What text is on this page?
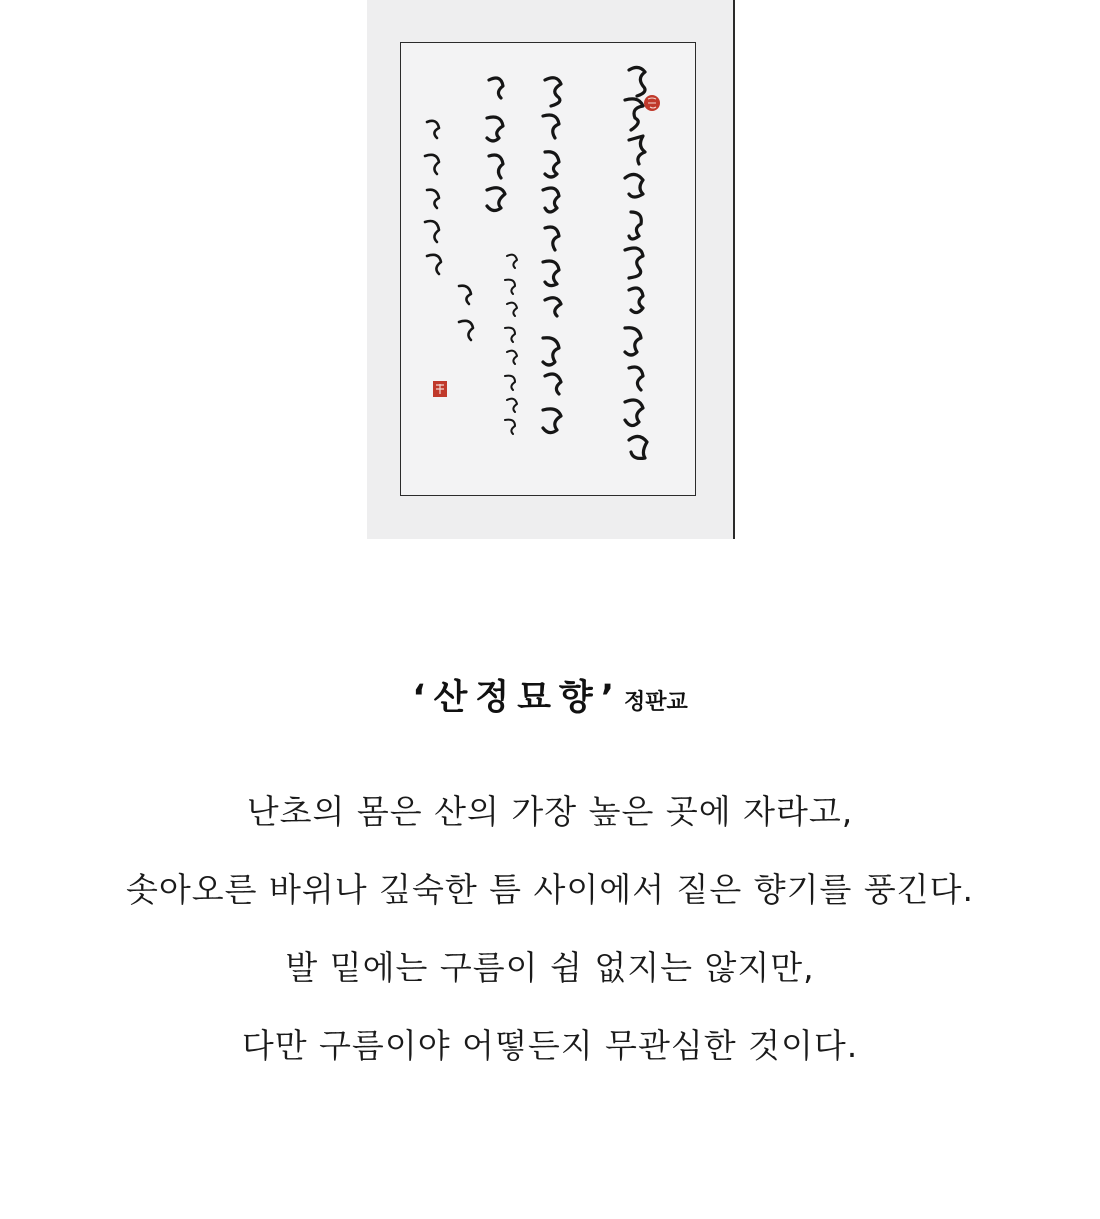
‘산정묘향’정판교
난초의 몸은 산의 가장 높은 곳에 자라고,
솟아오른 바위나 깊숙한 틈 사이에서 짙은 향기를 풍긴다.
발 밑에는 구름이 쉼 없지는 않지만,
다만 구름이야 어떻든지 무관심한 것이다.
